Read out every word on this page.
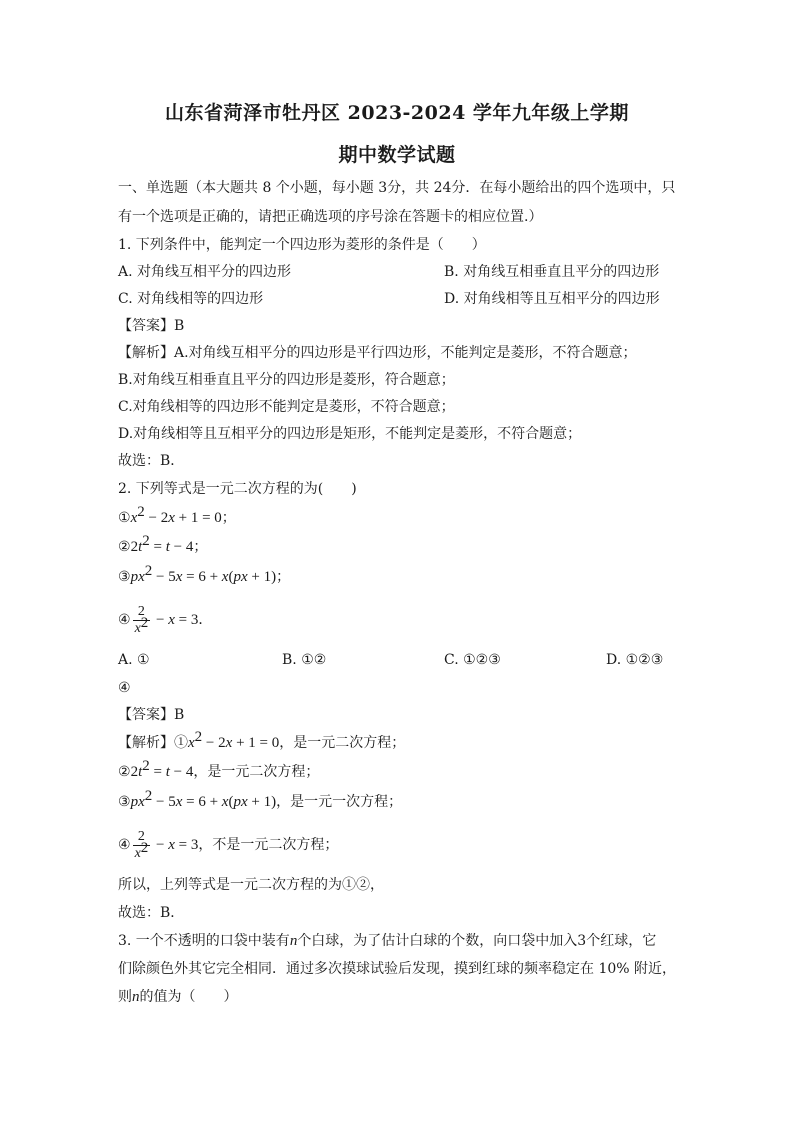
山东省菏泽市牡丹区 2023-2024 学年九年级上学期
期中数学试题
一、单选题（本大题共 8 个小题，每小题 3分，共 24分．在每小题给出的四个选项中，只
有一个选项是正确的，请把正确选项的序号涂在答题卡的相应位置.）
1. 下列条件中，能判定一个四边形为菱形的条件是（　　）
A. 对角线互相平分的四边形	B. 对角线互相垂直且平分的四边形
C. 对角线相等的四边形	D. 对角线相等且互相平分的四边形
【答案】B
【解析】A.对角线互相平分的四边形是平行四边形，不能判定是菱形，不符合题意；
B.对角线互相垂直且平分的四边形是菱形，符合题意；
C.对角线相等的四边形不能判定是菱形，不符合题意；
D.对角线相等且互相平分的四边形是矩形，不能判定是菱形，不符合题意；
故选：B．
2. 下列等式是一元二次方程的为(　　)
$①x^2 - 2x + 1 = 0$；
$②2t^2 = t - 4$；
$③px^2 - 5x = 6 + x(px + 1)$；
④ $\frac{2}{x^2} - x = 3$．
A. ①	B. ①②	C. ①②③	D. ①②③
④
【答案】B
【解析】$①x^2 - 2x + 1 = 0$，是一元二次方程；
$②2t^2 = t - 4$，是一元二次方程；
$③px^2 - 5x = 6 + x(px + 1)$，是一元一次方程；
④ $\frac{2}{x^2} - x = 3$，不是一元二次方程；
所以，上列等式是一元二次方程的为①②，
故选：B．
3. 一个不透明的口袋中装有n个白球，为了估计白球的个数，向口袋中加入3个红球，它
们除颜色外其它完全相同．通过多次摸球试验后发现，摸到红球的频率稳定在 10% 附近，
则n的值为（　　）
